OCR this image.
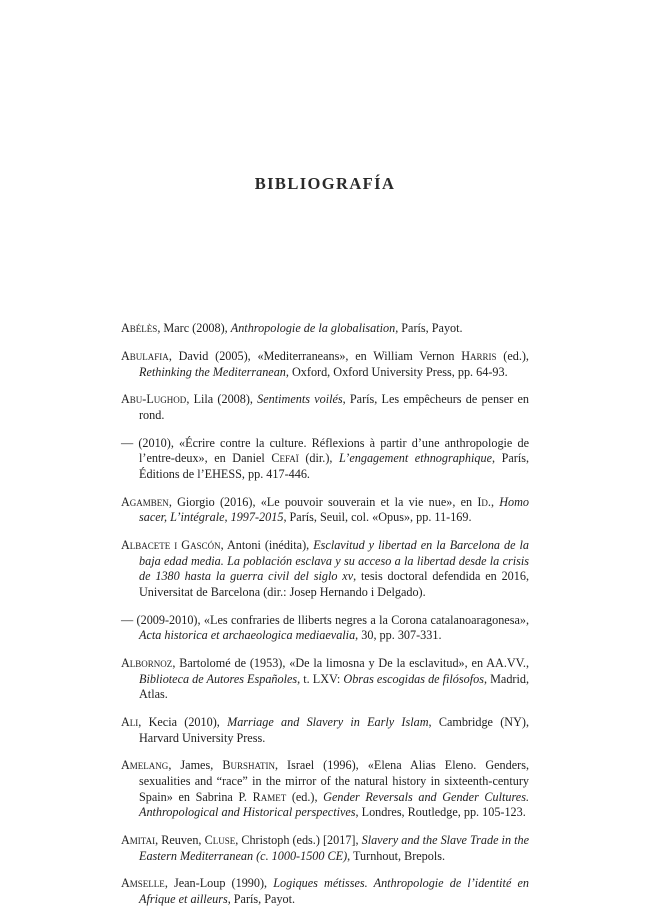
BIBLIOGRAFÍA

Abélès, Marc (2008), Anthropologie de la globalisation, París, Payot.

Abulafia, David (2005), «Mediterraneans», en William Vernon Harris (ed.), Rethinking the Mediterranean, Oxford, Oxford University Press, pp. 64-93.

Abu-Lughod, Lila (2008), Sentiments voilés, París, Les empêcheurs de penser en rond.

— (2010), «Écrire contre la culture. Réflexions à partir d’une anthropologie de l’entre-deux», en Daniel Cefaï (dir.), L’engagement ethnographique, París, Éditions de l’EHESS, pp. 417-446.

Agamben, Giorgio (2016), «Le pouvoir souverain et la vie nue», en Id., Homo sacer, L’intégrale, 1997-2015, París, Seuil, col. «Opus», pp. 11-169.

Albacete i Gascón, Antoni (inédita), Esclavitud y libertad en la Barcelona de la baja edad media. La población esclava y su acceso a la libertad desde la crisis de 1380 hasta la guerra civil del siglo xv, tesis doctoral defendida en 2016, Universitat de Barcelona (dir.: Josep Hernando i Delgado).

— (2009-2010), «Les confraries de lliberts negres a la Corona catalanoaragonesa», Acta historica et archaeologica mediaevalia, 30, pp. 307-331.

Albornoz, Bartolomé de (1953), «De la limosna y De la esclavitud», en AA.VV., Biblioteca de Autores Españoles, t. LXV: Obras escogidas de filósofos, Madrid, Atlas.

Ali, Kecia (2010), Marriage and Slavery in Early Islam, Cambridge (NY), Harvard University Press.

Amelang, James, Burshatin, Israel (1996), «Elena Alias Eleno. Genders, sexualities and “race” in the mirror of the natural history in sixteenth-century Spain» en Sabrina P. Ramet (ed.), Gender Reversals and Gender Cultures. Anthropological and Historical perspectives, Londres, Routledge, pp. 105-123.

Amitai, Reuven, Cluse, Christoph (eds.) [2017], Slavery and the Slave Trade in the Eastern Mediterranean (c. 1000-1500 CE), Turnhout, Brepols.

Amselle, Jean-Loup (1990), Logiques métisses. Anthropologie de l’identité en Afrique et ailleurs, París, Payot.
